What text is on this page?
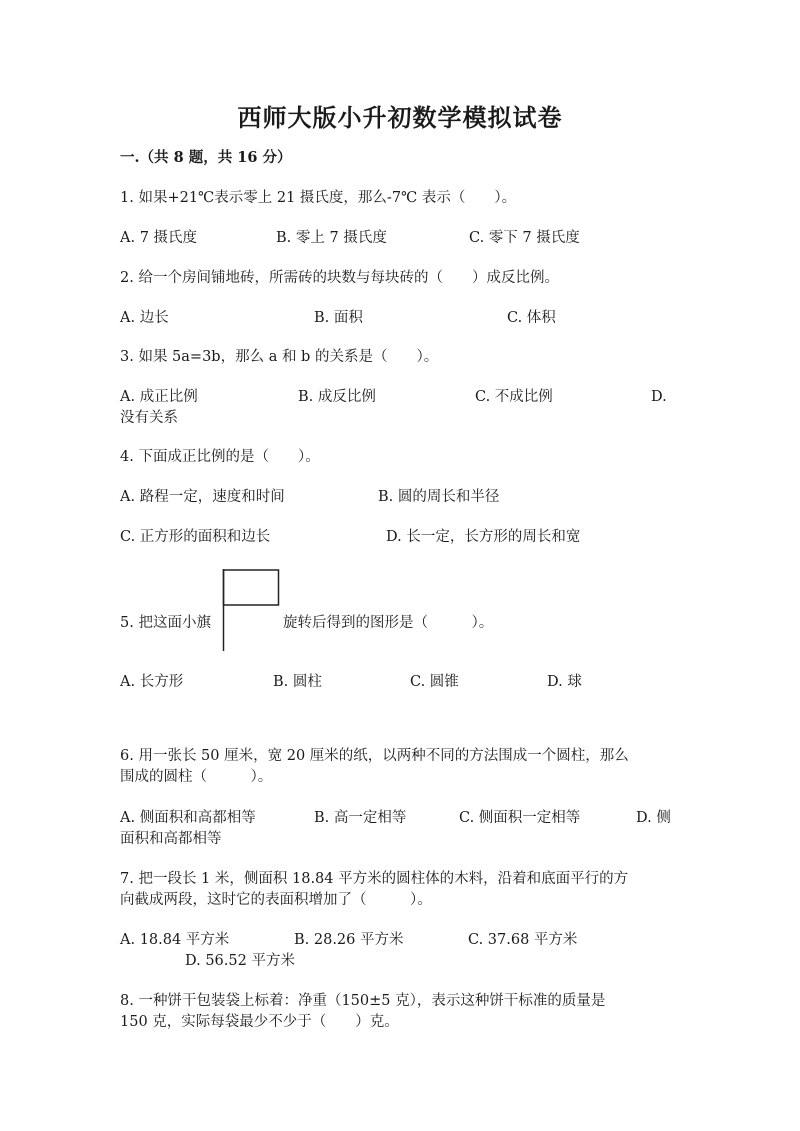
西师大版小升初数学模拟试卷
一.（共 8 题，共 16 分）
1. 如果+21℃表示零上 21 摄氏度，那么-7℃ 表示（　　）。
A. 7 摄氏度	B. 零上 7 摄氏度	C. 零下 7 摄氏度
2. 给一个房间铺地砖，所需砖的块数与每块砖的（　　）成反比例。
A. 边长	B. 面积	C. 体积
3. 如果 5a=3b，那么 a 和 b 的关系是（　　）。
A. 成正比例	B. 成反比例	C. 不成比例	D.
没有关系
4. 下面成正比例的是（　　）。
A. 路程一定，速度和时间	B. 圆的周长和半径
C. 正方形的面积和边长	D. 长一定，长方形的周长和宽
5. 把这面小旗	旋转后得到的图形是（　　　）。
A. 长方形	B. 圆柱	C. 圆锥	D. 球
6. 用一张长 50 厘米，宽 20 厘米的纸，以两种不同的方法围成一个圆柱，那么
围成的圆柱（　　　）。
A. 侧面积和高都相等	B. 高一定相等	C. 侧面积一定相等	D. 侧
面积和高都相等
7. 把一段长 1 米，侧面积 18.84 平方米的圆柱体的木料，沿着和底面平行的方
向截成两段，这时它的表面积增加了（　　　）。
A. 18.84 平方米	B. 28.26 平方米	C. 37.68 平方米
D. 56.52 平方米
8. 一种饼干包装袋上标着：净重（150±5 克），表示这种饼干标准的质量是
150 克，实际每袋最少不少于（　　）克。
